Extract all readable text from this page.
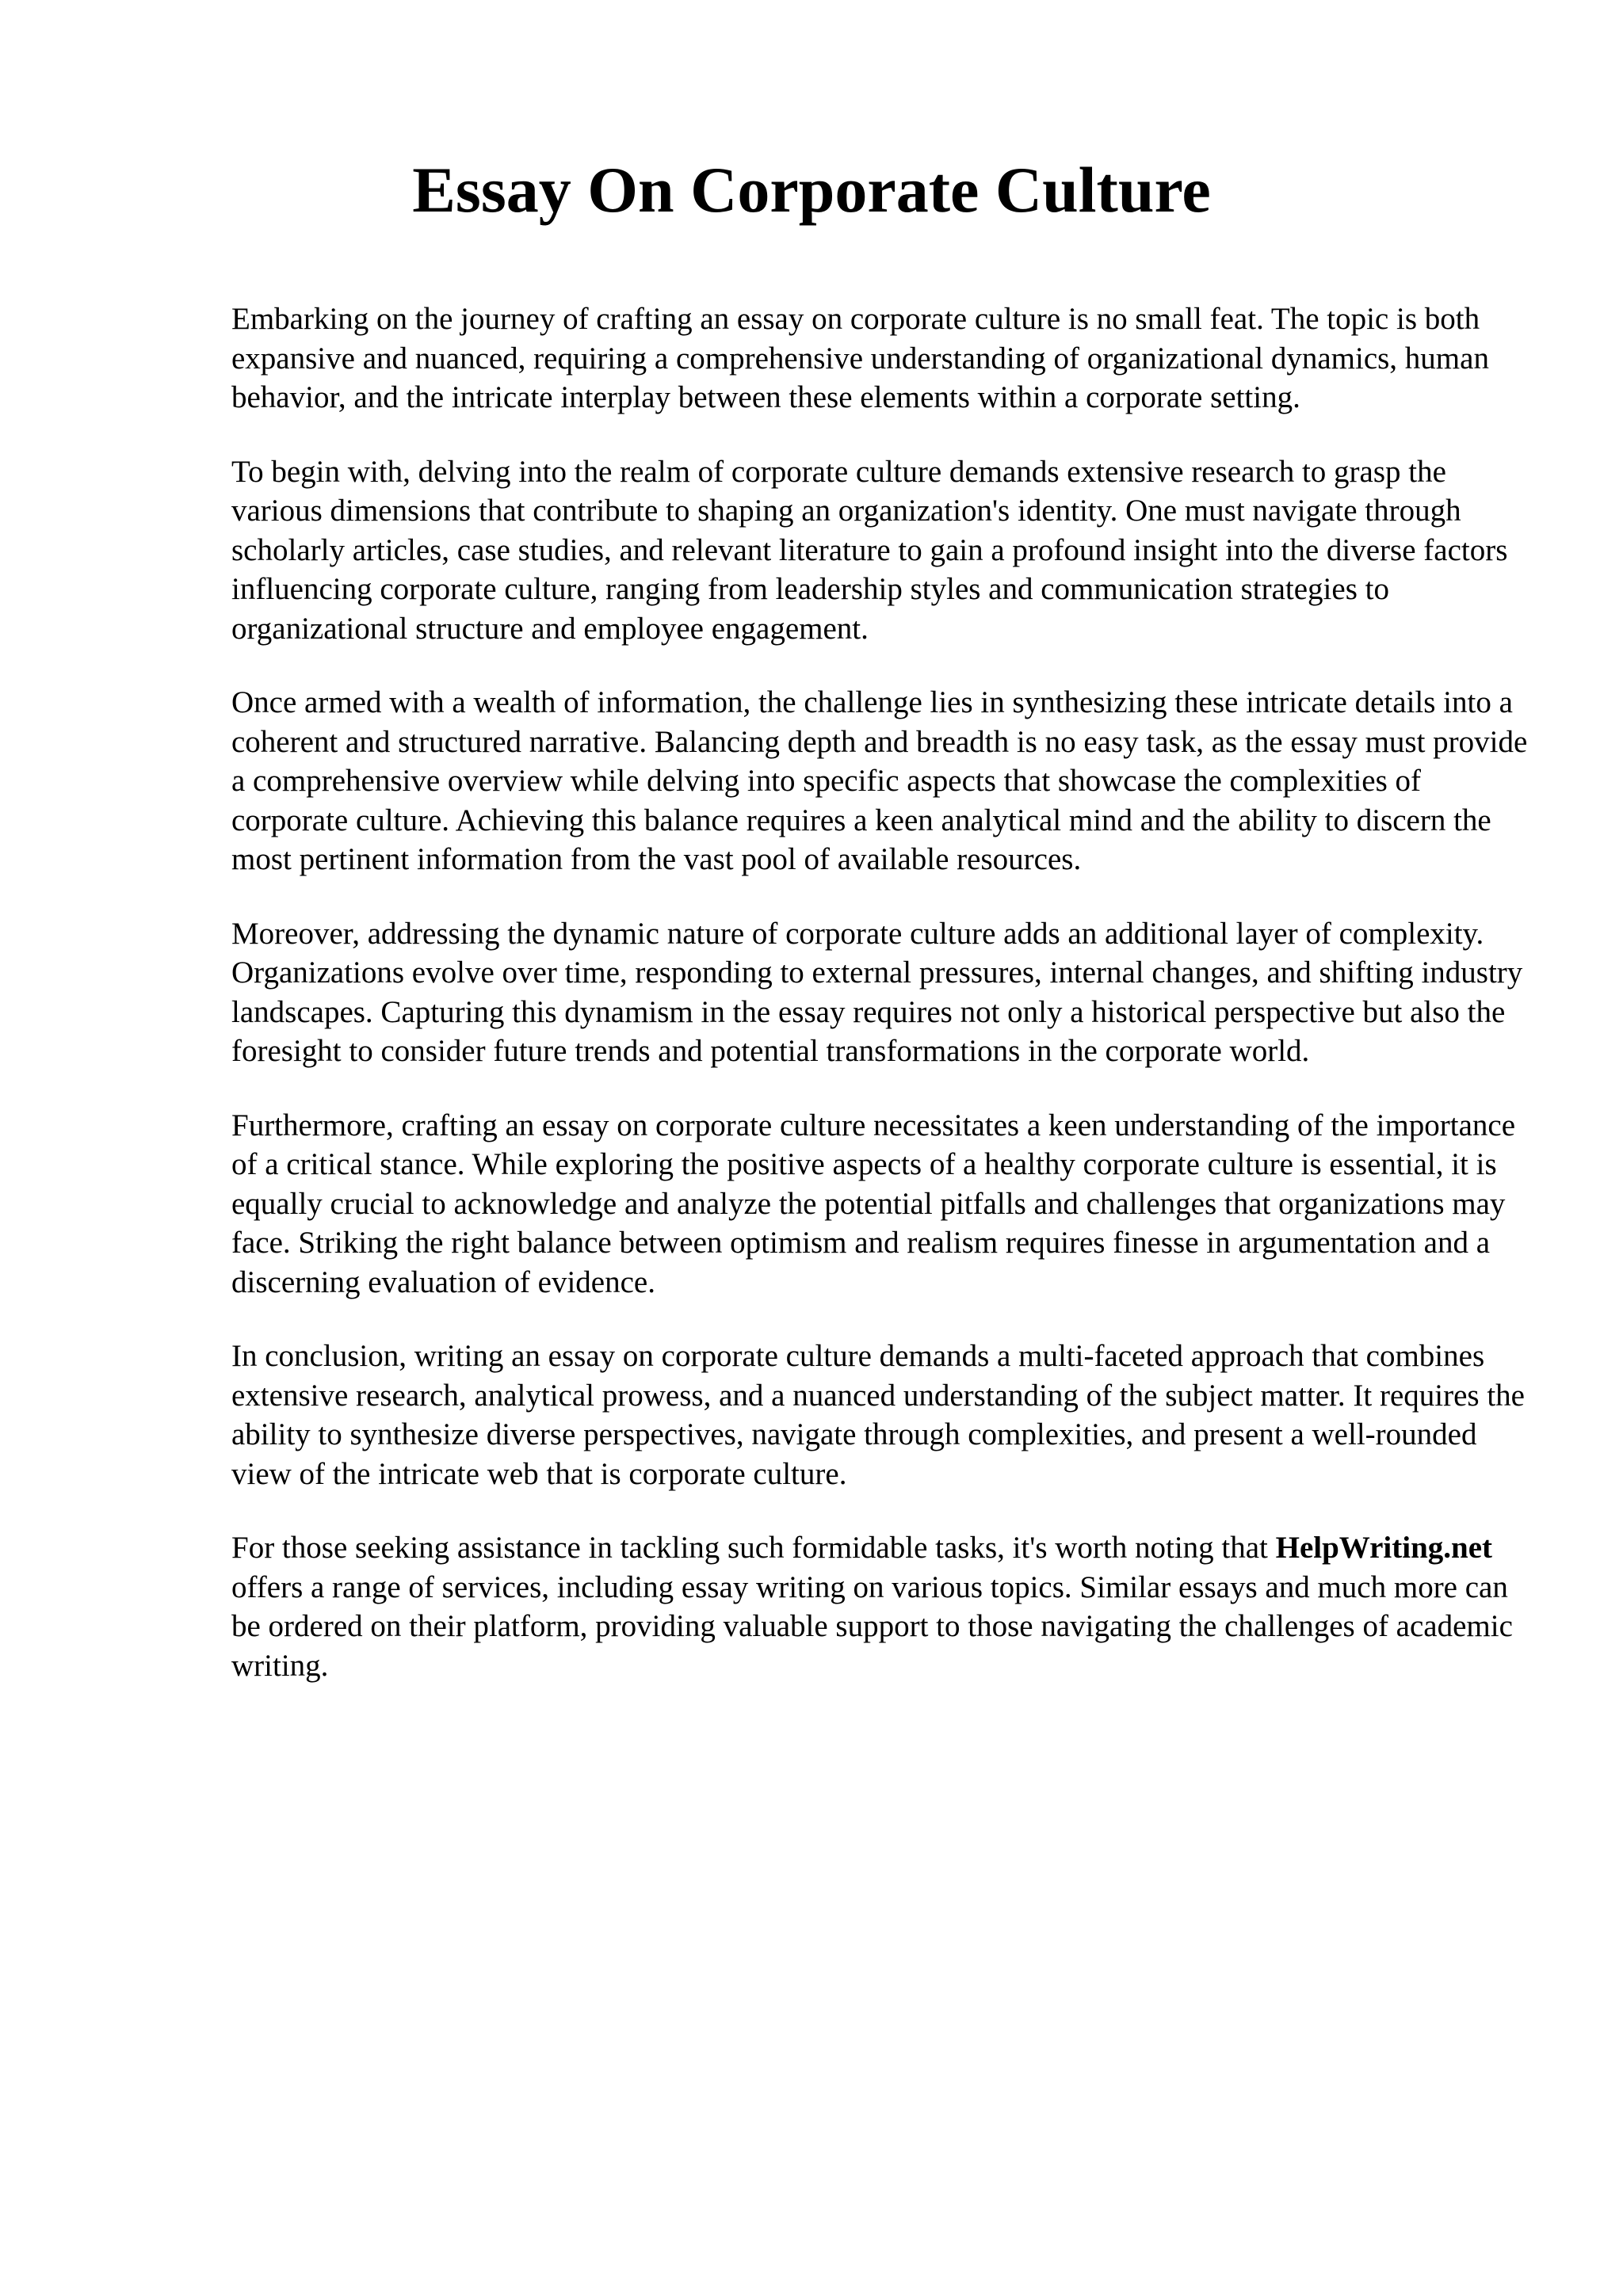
Essay On Corporate Culture

Embarking on the journey of crafting an essay on corporate culture is no small feat. The topic is both expansive and nuanced, requiring a comprehensive understanding of organizational dynamics, human behavior, and the intricate interplay between these elements within a corporate setting.

To begin with, delving into the realm of corporate culture demands extensive research to grasp the various dimensions that contribute to shaping an organization's identity. One must navigate through scholarly articles, case studies, and relevant literature to gain a profound insight into the diverse factors influencing corporate culture, ranging from leadership styles and communication strategies to organizational structure and employee engagement.

Once armed with a wealth of information, the challenge lies in synthesizing these intricate details into a coherent and structured narrative. Balancing depth and breadth is no easy task, as the essay must provide a comprehensive overview while delving into specific aspects that showcase the complexities of corporate culture. Achieving this balance requires a keen analytical mind and the ability to discern the most pertinent information from the vast pool of available resources.

Moreover, addressing the dynamic nature of corporate culture adds an additional layer of complexity. Organizations evolve over time, responding to external pressures, internal changes, and shifting industry landscapes. Capturing this dynamism in the essay requires not only a historical perspective but also the foresight to consider future trends and potential transformations in the corporate world.

Furthermore, crafting an essay on corporate culture necessitates a keen understanding of the importance of a critical stance. While exploring the positive aspects of a healthy corporate culture is essential, it is equally crucial to acknowledge and analyze the potential pitfalls and challenges that organizations may face. Striking the right balance between optimism and realism requires finesse in argumentation and a discerning evaluation of evidence.

In conclusion, writing an essay on corporate culture demands a multi-faceted approach that combines extensive research, analytical prowess, and a nuanced understanding of the subject matter. It requires the ability to synthesize diverse perspectives, navigate through complexities, and present a well-rounded view of the intricate web that is corporate culture.

For those seeking assistance in tackling such formidable tasks, it's worth noting that HelpWriting.net offers a range of services, including essay writing on various topics. Similar essays and much more can be ordered on their platform, providing valuable support to those navigating the challenges of academic writing.
